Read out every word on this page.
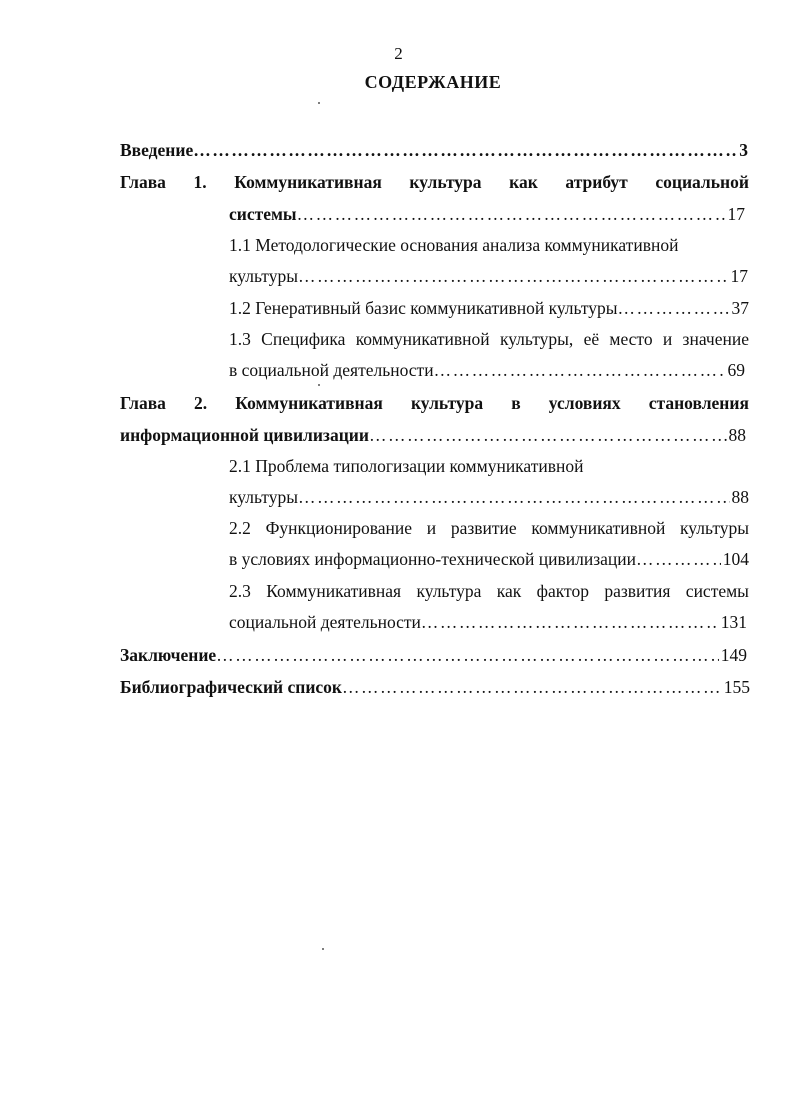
2
СОДЕРЖАНИЕ
Введение …………………………………………………………………………………………………………………………………………………………………	3
Глава 1. Коммуникативная культура как атрибут социальной
системы …………………………………………………………………………………………………………………………………………………………………	17
1.1 Методологические основания анализа коммуникативной
культуры …………………………………………………………………………………………………………………………………………………………………	17
1.2 Генеративный базис коммуникативной культуры …………………………………………………………………………………………………………………………………………………………………	37
1.3 Специфика коммуникативной культуры, её место и значение
в социальной деятельности …………………………………………………………………………………………………………………………………………………………………	69
Глава 2. Коммуникативная культура в условиях становления
информационной цивилизации …………………………………………………………………………………………………………………………………………………………………	88
2.1 Проблема типологизации коммуникативной
культуры …………………………………………………………………………………………………………………………………………………………………	88
2.2 Функционирование и развитие коммуникативной культуры
в условиях информационно-технической цивилизации …………………………………………………………………………………………………………………………………………………………………	104
2.3 Коммуникативная культура как фактор развития системы
социальной деятельности …………………………………………………………………………………………………………………………………………………………………	131
Заключение …………………………………………………………………………………………………………………………………………………………………	149
Библиографический список …………………………………………………………………………………………………………………………………………………………………	155
